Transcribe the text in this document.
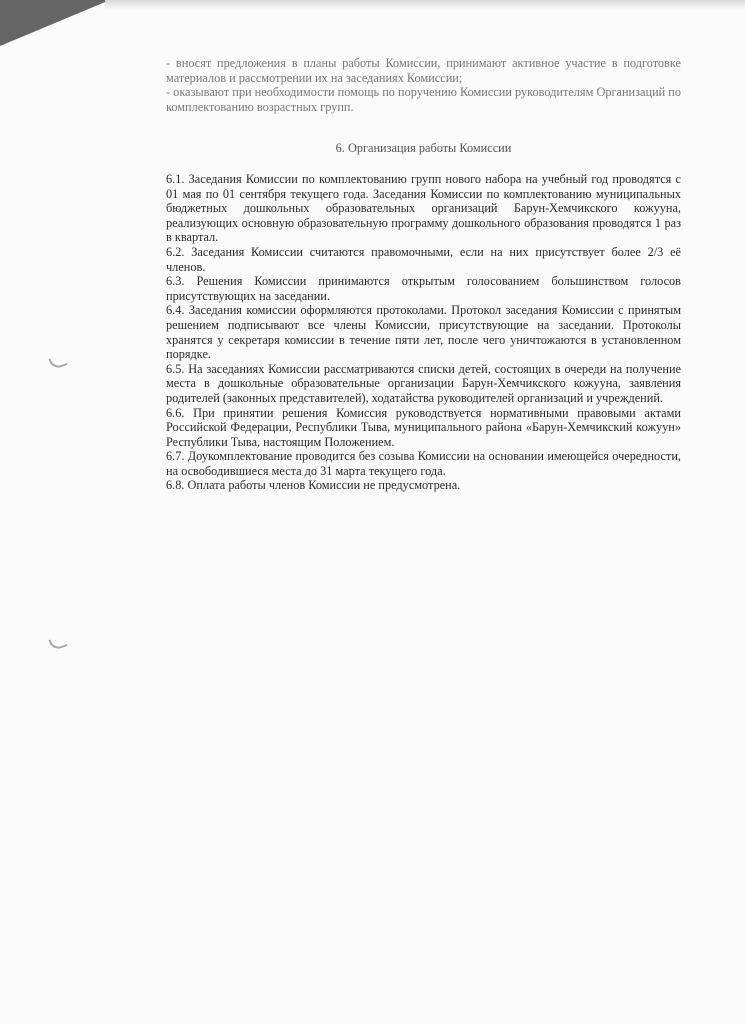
- вносят предложения в планы работы Комиссии, принимают активное участие в подготовке материалов и рассмотрении их на заседаниях Комиссии;

- оказывают при необходимости помощь по поручению Комиссии руководителям Организаций по комплектованию возрастных групп.

6. Организация работы Комиссии

6.1. Заседания Комиссии по комплектованию групп нового набора на учебный год проводятся с 01 мая по 01 сентября текущего года. Заседания Комиссии по комплектованию муниципальных бюджетных дошкольных образовательных организаций Барун-Хемчикского кожууна, реализующих основную образовательную программу дошкольного образования проводятся 1 раз в квартал.

6.2. Заседания Комиссии считаются правомочными, если на них присутствует более 2/3 её членов.

6.3. Решения Комиссии принимаются открытым голосованием большинством голосов присутствующих на заседании.

6.4. Заседания комиссии оформляются протоколами. Протокол заседания Комиссии с принятым решением подписывают все члены Комиссии, присутствующие на заседании. Протоколы хранятся у секретаря комиссии в течение пяти лет, после чего уничтожаются в установленном порядке.

6.5. На заседаниях Комиссии рассматриваются списки детей, состоящих в очереди на получение места в дошкольные образовательные организации Барун-Хемчикского кожууна, заявления родителей (законных представителей), ходатайства руководителей организаций и учреждений.

6.6. При принятии решения Комиссия руководствуется нормативными правовыми актами Российской Федерации, Республики Тыва, муниципального района «Барун-Хемчикский кожуун» Республики Тыва, настоящим Положением.

6.7. Доукомплектование проводится без созыва Комиссии на основании имеющейся очередности, на освободившиеся места до 31 марта текущего года.

6.8. Оплата работы членов Комиссии не предусмотрена.
